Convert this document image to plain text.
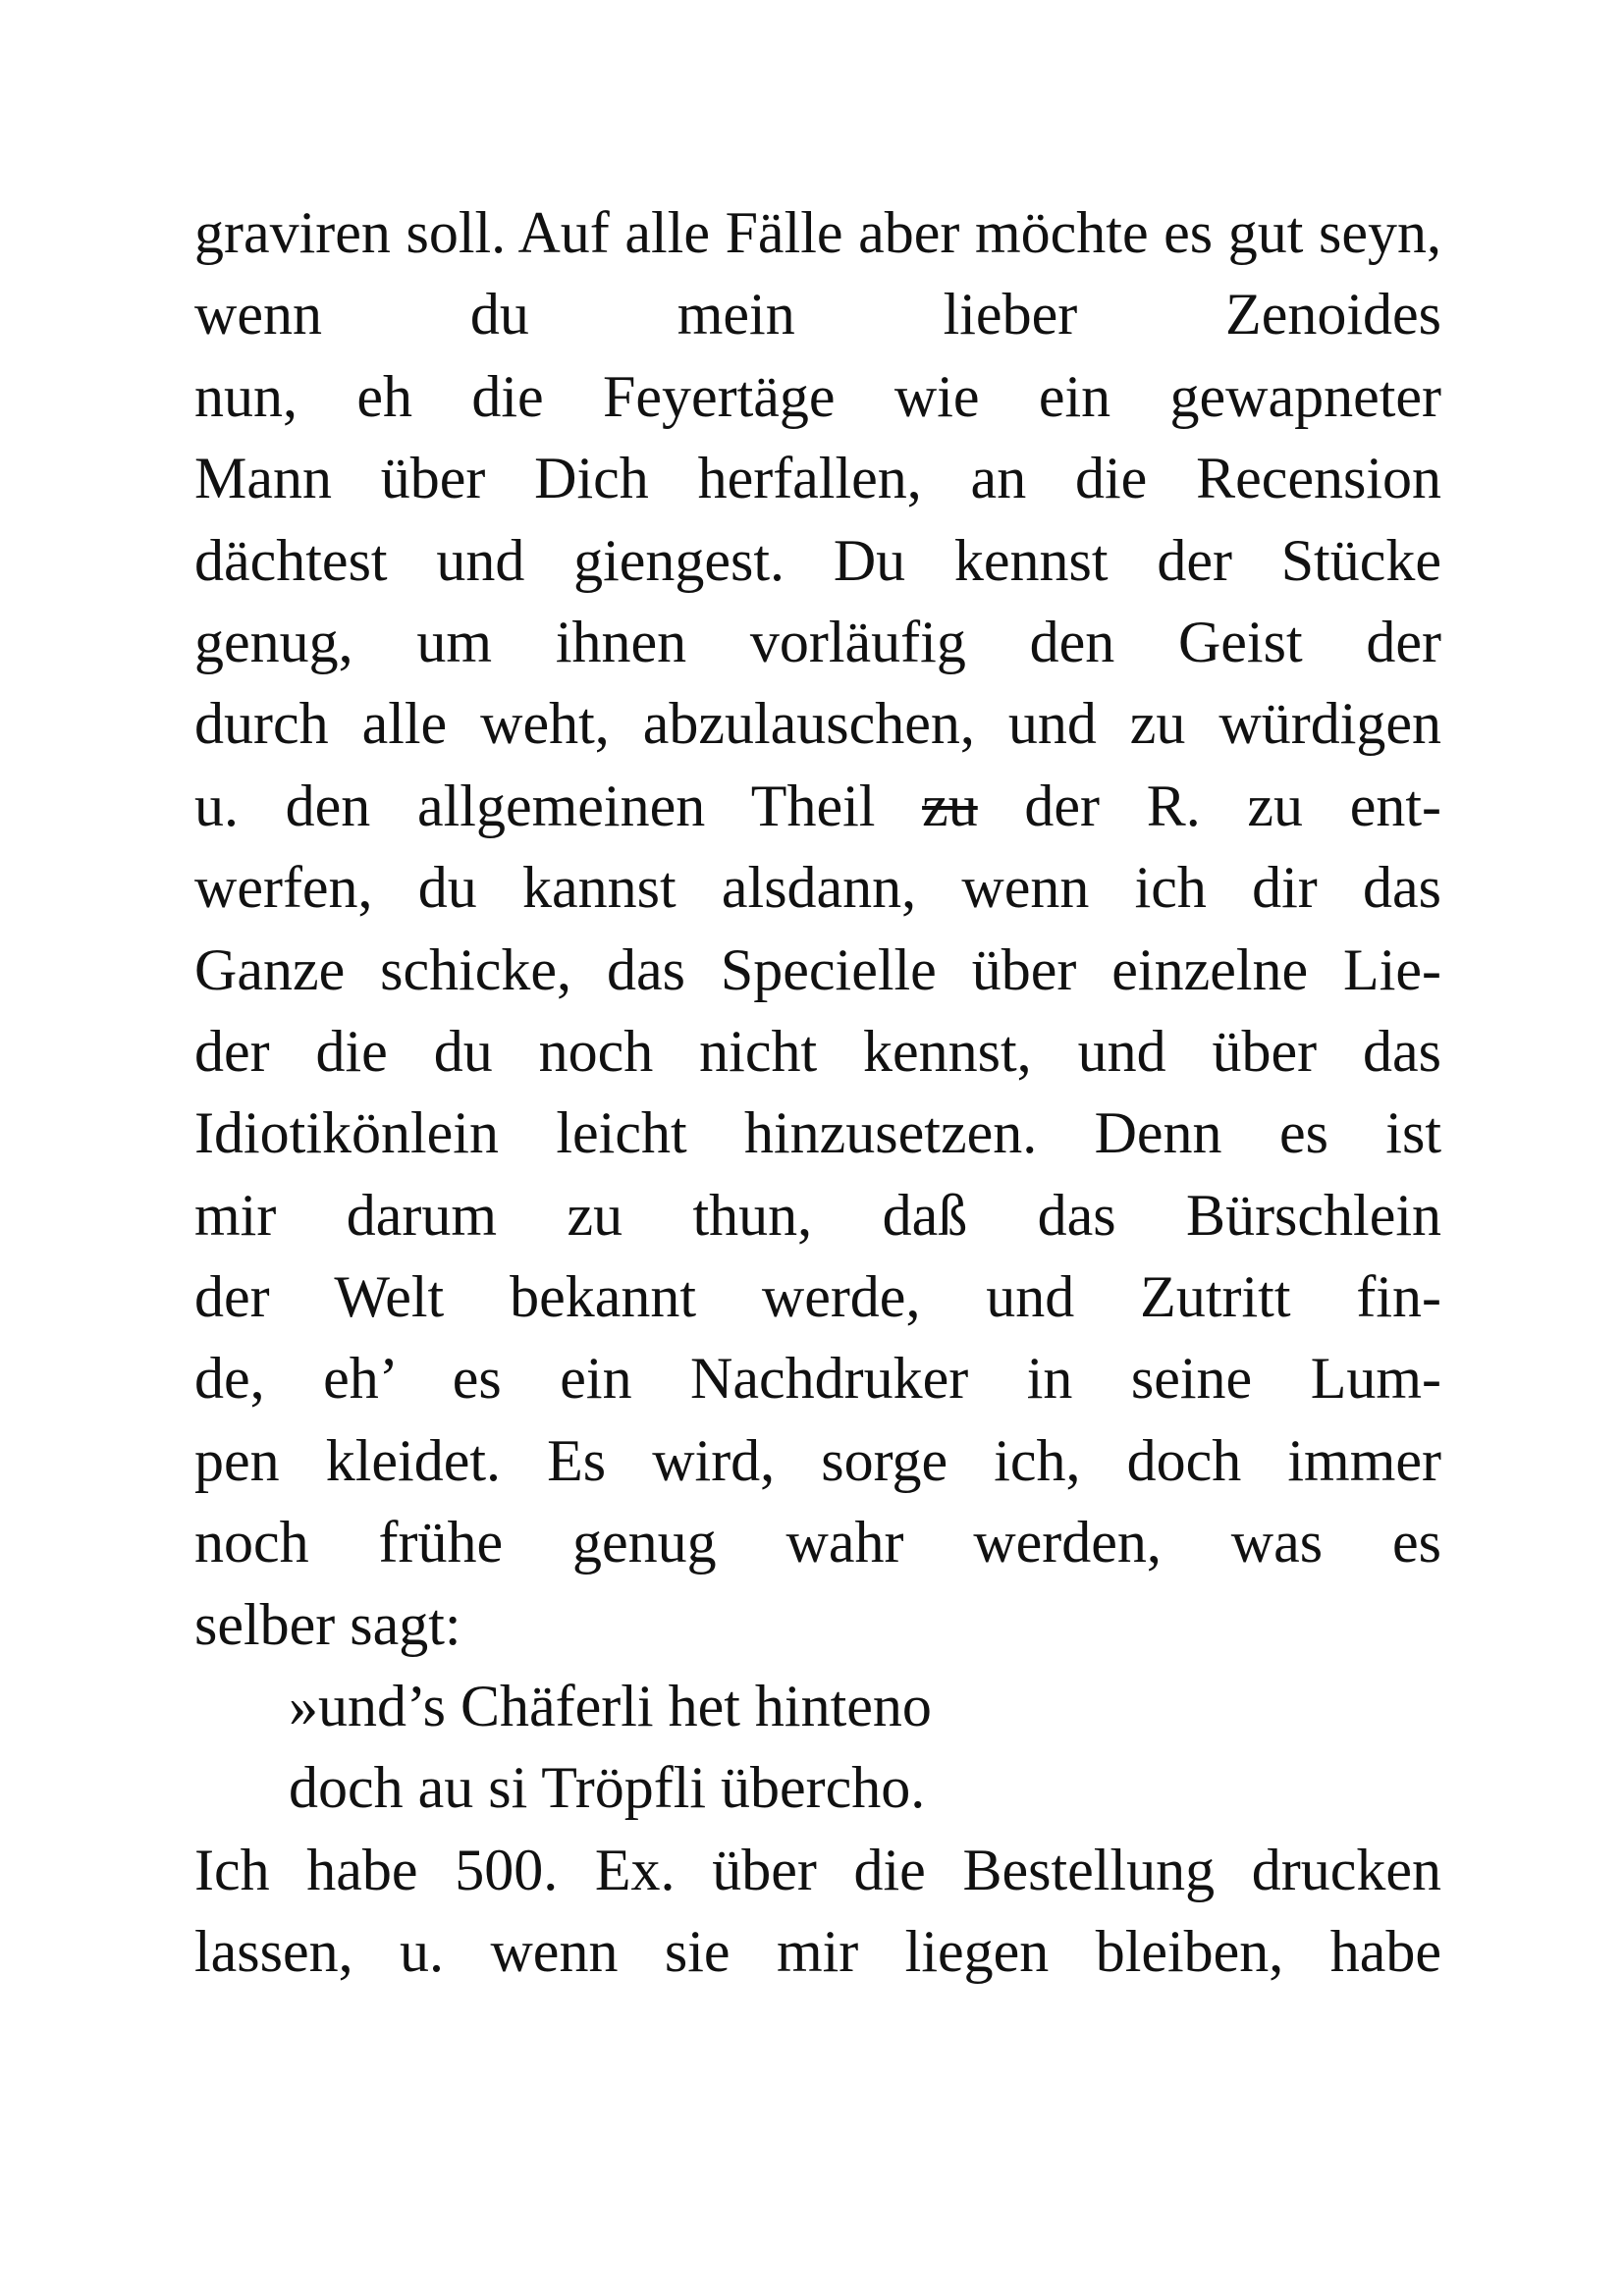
graviren soll. Auf alle Fälle aber möchte es gut seyn,
wenn du mein lieber Zenoides
nun, eh die Feyertäge wie ein gewapneter
Mann über Dich herfallen, an die Recension
dächtest und giengest. Du kennst der Stücke
genug, um ihnen vorläufig den Geist der
durch alle weht, abzulauschen, und zu würdigen
u. den allgemeinen Theil zu der R. zu ent-
werfen, du kannst alsdann, wenn ich dir das
Ganze schicke, das Specielle über einzelne Lie-
der die du noch nicht kennst, und über das
Idiotikönlein leicht hinzusetzen. Denn es ist
mir darum zu thun, daß das Bürschlein
der Welt bekannt werde, und Zutritt fin-
de, eh’ es ein Nachdruker in seine Lum-
pen kleidet. Es wird, sorge ich, doch immer
noch frühe genug wahr werden, was es
selber sagt:
»und’s Chäferli het hinteno
doch au si Tröpfli übercho.
Ich habe 500. Ex. über die Bestellung drucken
lassen, u. wenn sie mir liegen bleiben, habe
